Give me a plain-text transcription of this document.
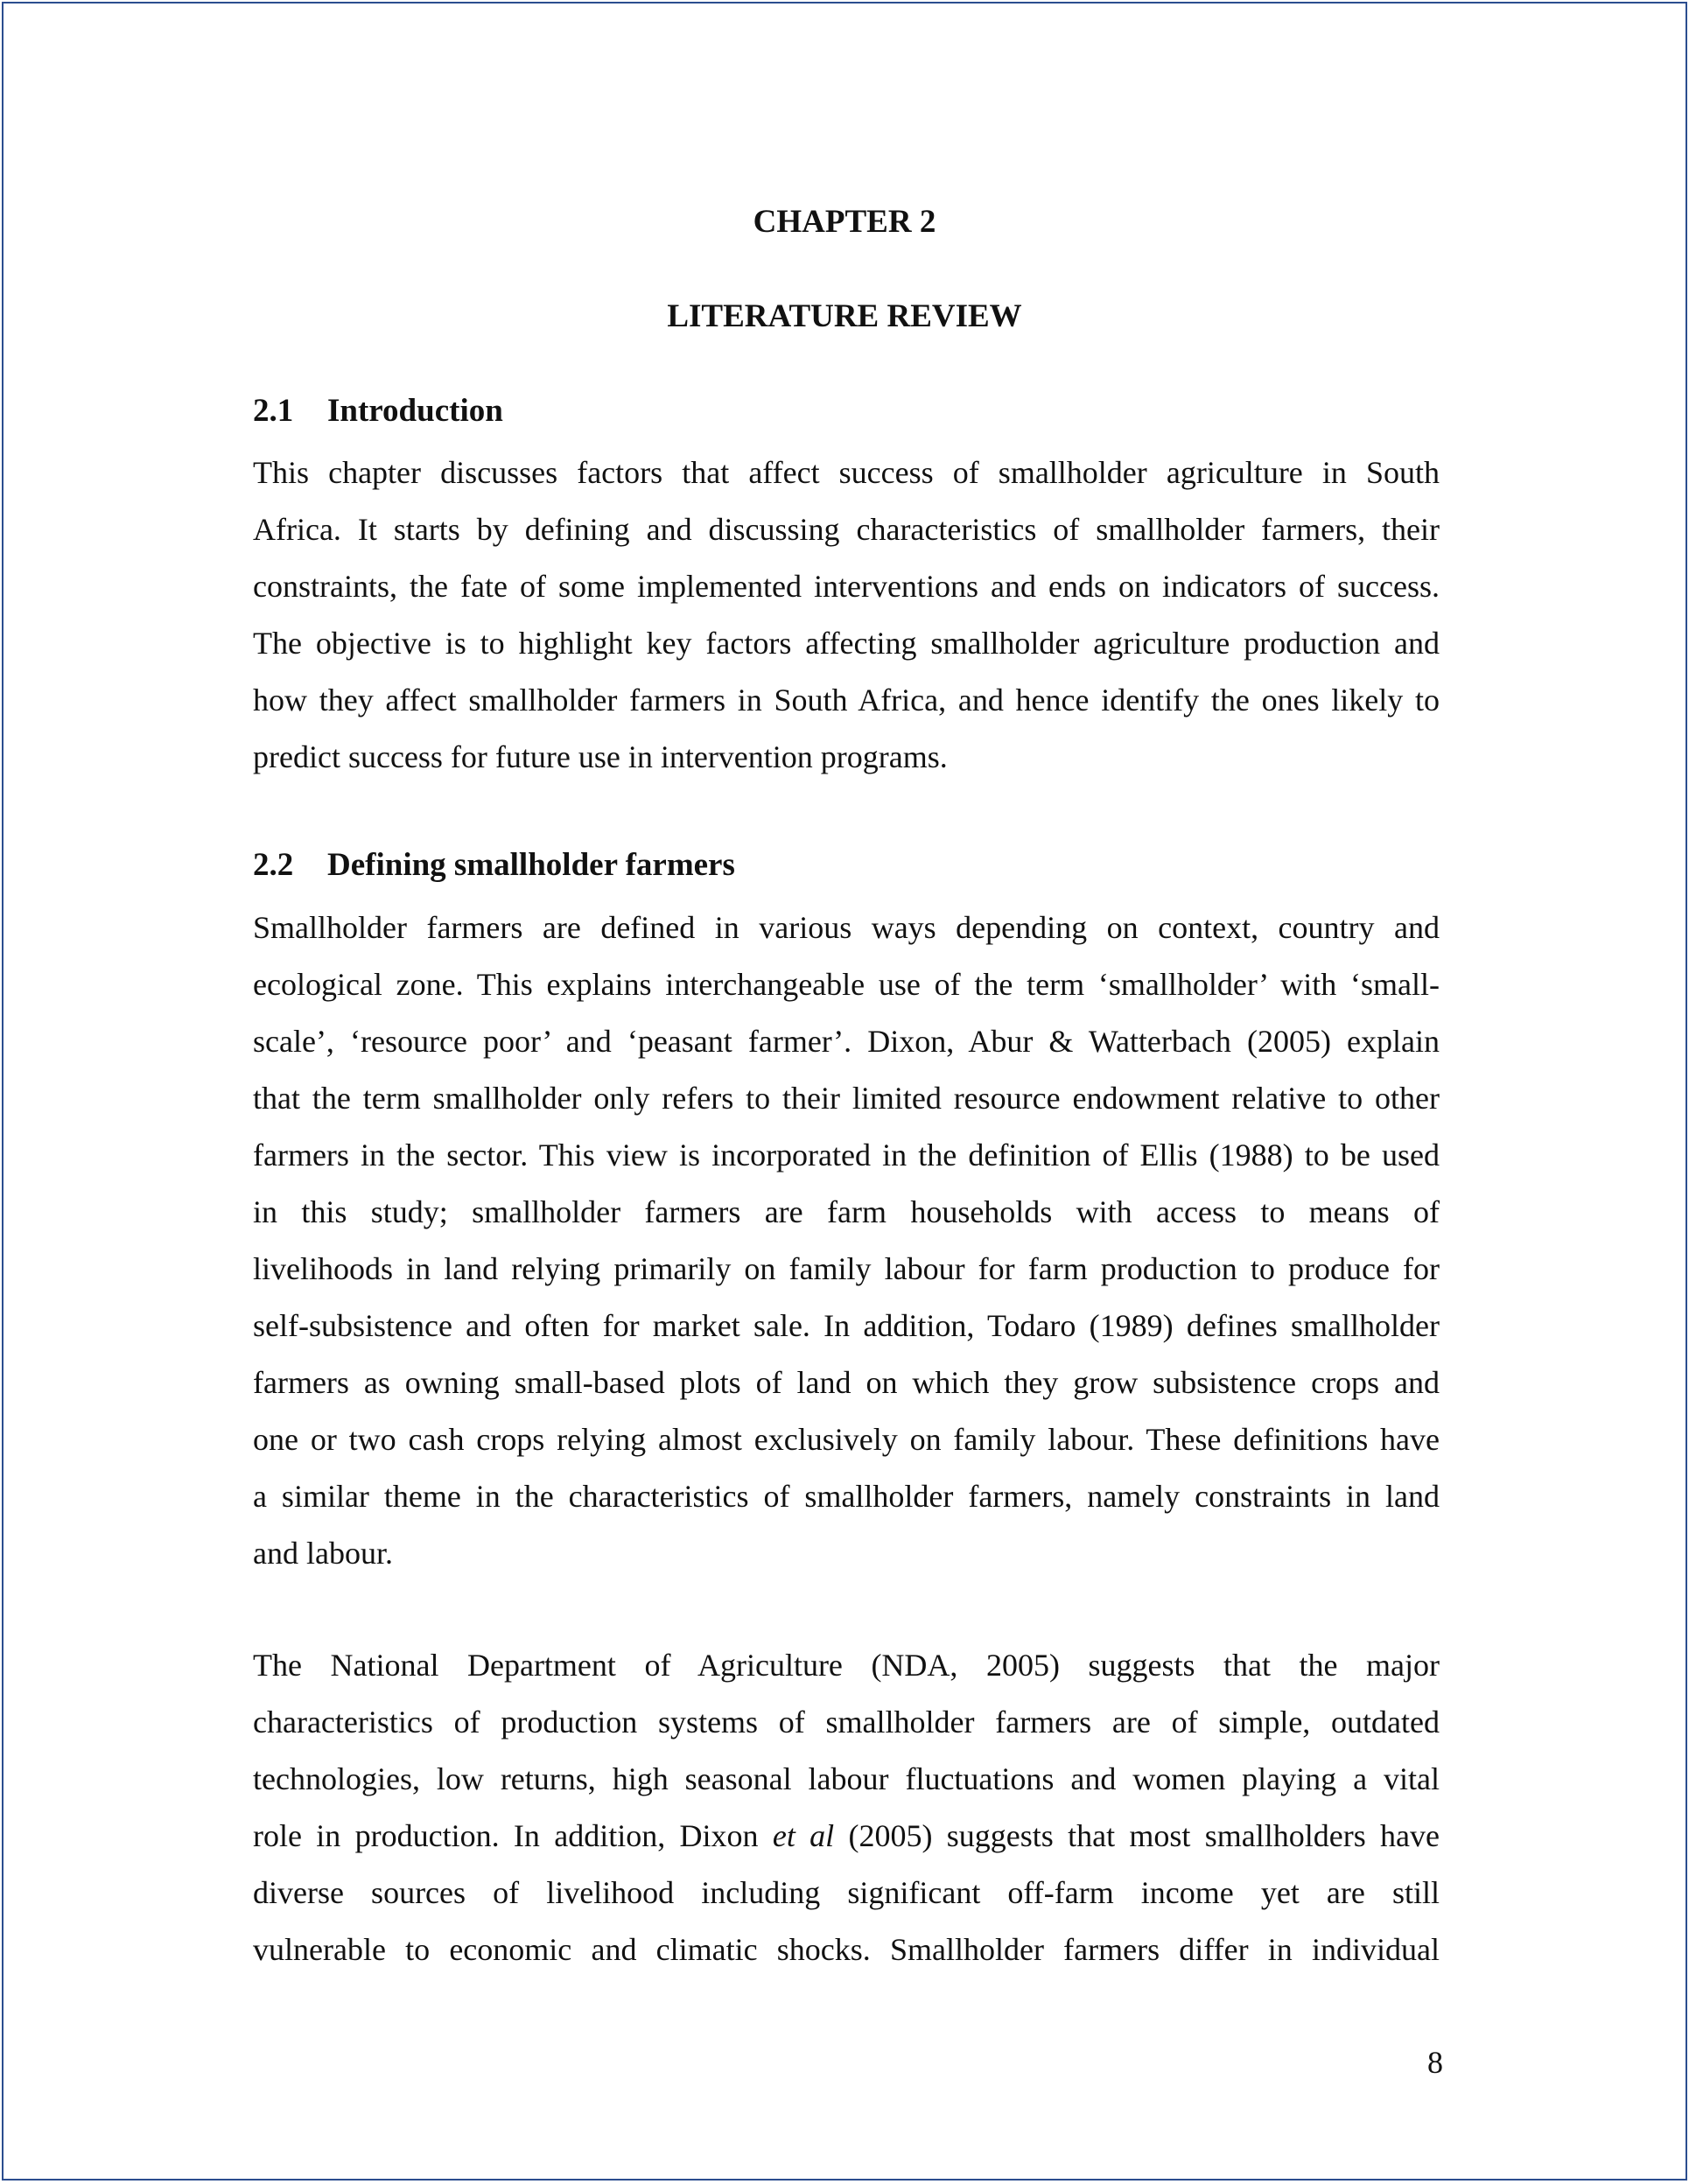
CHAPTER 2
LITERATURE REVIEW
2.1 Introduction
This chapter discusses factors that affect success of smallholder agriculture in South
Africa. It starts by defining and discussing characteristics of smallholder farmers, their
constraints, the fate of some implemented interventions and ends on indicators of success.
The objective is to highlight key factors affecting smallholder agriculture production and
how they affect smallholder farmers in South Africa, and hence identify the ones likely to
predict success for future use in intervention programs.
2.2 Defining smallholder farmers
Smallholder farmers are defined in various ways depending on context, country and
ecological zone. This explains interchangeable use of the term ‘smallholder’ with ‘small-
scale’, ‘resource poor’ and ‘peasant farmer’. Dixon, Abur & Watterbach (2005) explain
that the term smallholder only refers to their limited resource endowment relative to other
farmers in the sector. This view is incorporated in the definition of Ellis (1988) to be used
in this study; smallholder farmers are farm households with access to means of
livelihoods in land relying primarily on family labour for farm production to produce for
self-subsistence and often for market sale. In addition, Todaro (1989) defines smallholder
farmers as owning small-based plots of land on which they grow subsistence crops and
one or two cash crops relying almost exclusively on family labour. These definitions have
a similar theme in the characteristics of smallholder farmers, namely constraints in land
and labour.
The National Department of Agriculture (NDA, 2005) suggests that the major
characteristics of production systems of smallholder farmers are of simple, outdated
technologies, low returns, high seasonal labour fluctuations and women playing a vital
role in production. In addition, Dixon et al (2005) suggests that most smallholders have
diverse sources of livelihood including significant off-farm income yet are still
vulnerable to economic and climatic shocks. Smallholder farmers differ in individual
8
